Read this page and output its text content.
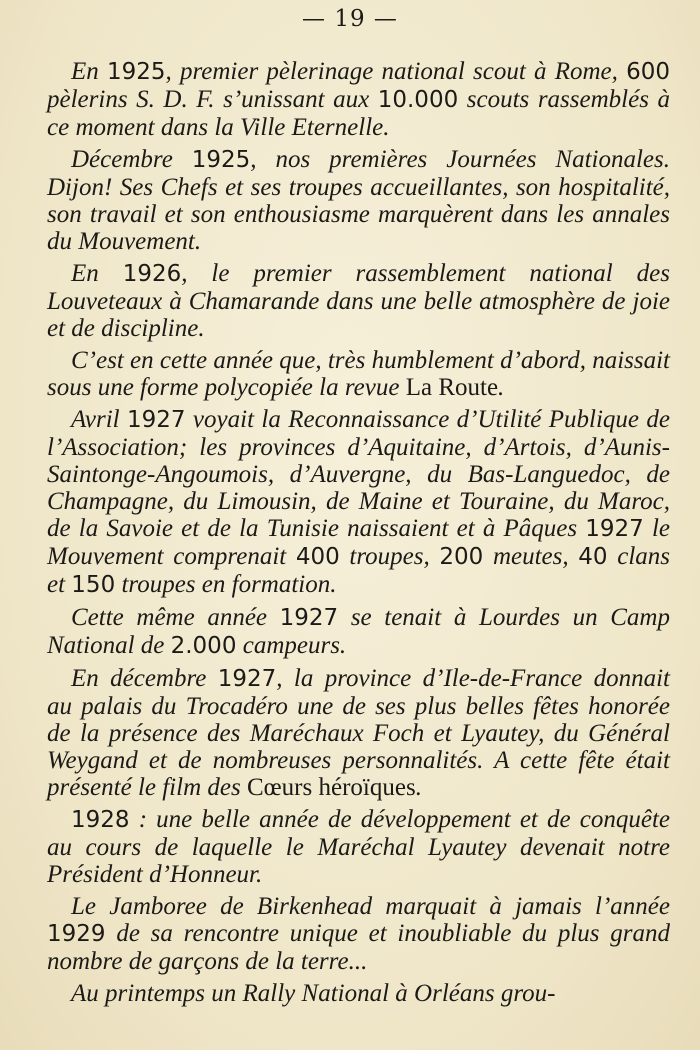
— 19 —

En 1925, premier pèlerinage national scout à Rome, 600 pèlerins S. D. F. s’unissant aux 10.000 scouts rassemblés à ce moment dans la Ville Eternelle.

Décembre 1925, nos premières Journées Nationales. Dijon! Ses Chefs et ses troupes accueillantes, son hospitalité, son travail et son enthousiasme marquèrent dans les annales du Mouvement.

En 1926, le premier rassemblement national des Louveteaux à Chamarande dans une belle atmosphère de joie et de discipline.

C’est en cette année que, très humblement d’abord, naissait sous une forme polycopiée la revue La Route.

Avril 1927 voyait la Reconnaissance d’Utilité Publique de l’Association; les provinces d’Aquitaine, d’Artois, d’Aunis-Saintonge-Angoumois, d’Auvergne, du Bas-Languedoc, de Champagne, du Limousin, de Maine et Touraine, du Maroc, de la Savoie et de la Tunisie naissaient et à Pâques 1927 le Mouvement comprenait 400 troupes, 200 meutes, 40 clans et 150 troupes en formation.

Cette même année 1927 se tenait à Lourdes un Camp National de 2.000 campeurs.

En décembre 1927, la province d’Ile-de-France donnait au palais du Trocadéro une de ses plus belles fêtes honorée de la présence des Maréchaux Foch et Lyautey, du Général Weygand et de nombreuses personnalités. A cette fête était présenté le film des Cœurs héroïques.

1928 : une belle année de développement et de conquête au cours de laquelle le Maréchal Lyautey devenait notre Président d’Honneur.

Le Jamboree de Birkenhead marquait à jamais l’année 1929 de sa rencontre unique et inoubliable du plus grand nombre de garçons de la terre...

Au printemps un Rally National à Orléans grou-
